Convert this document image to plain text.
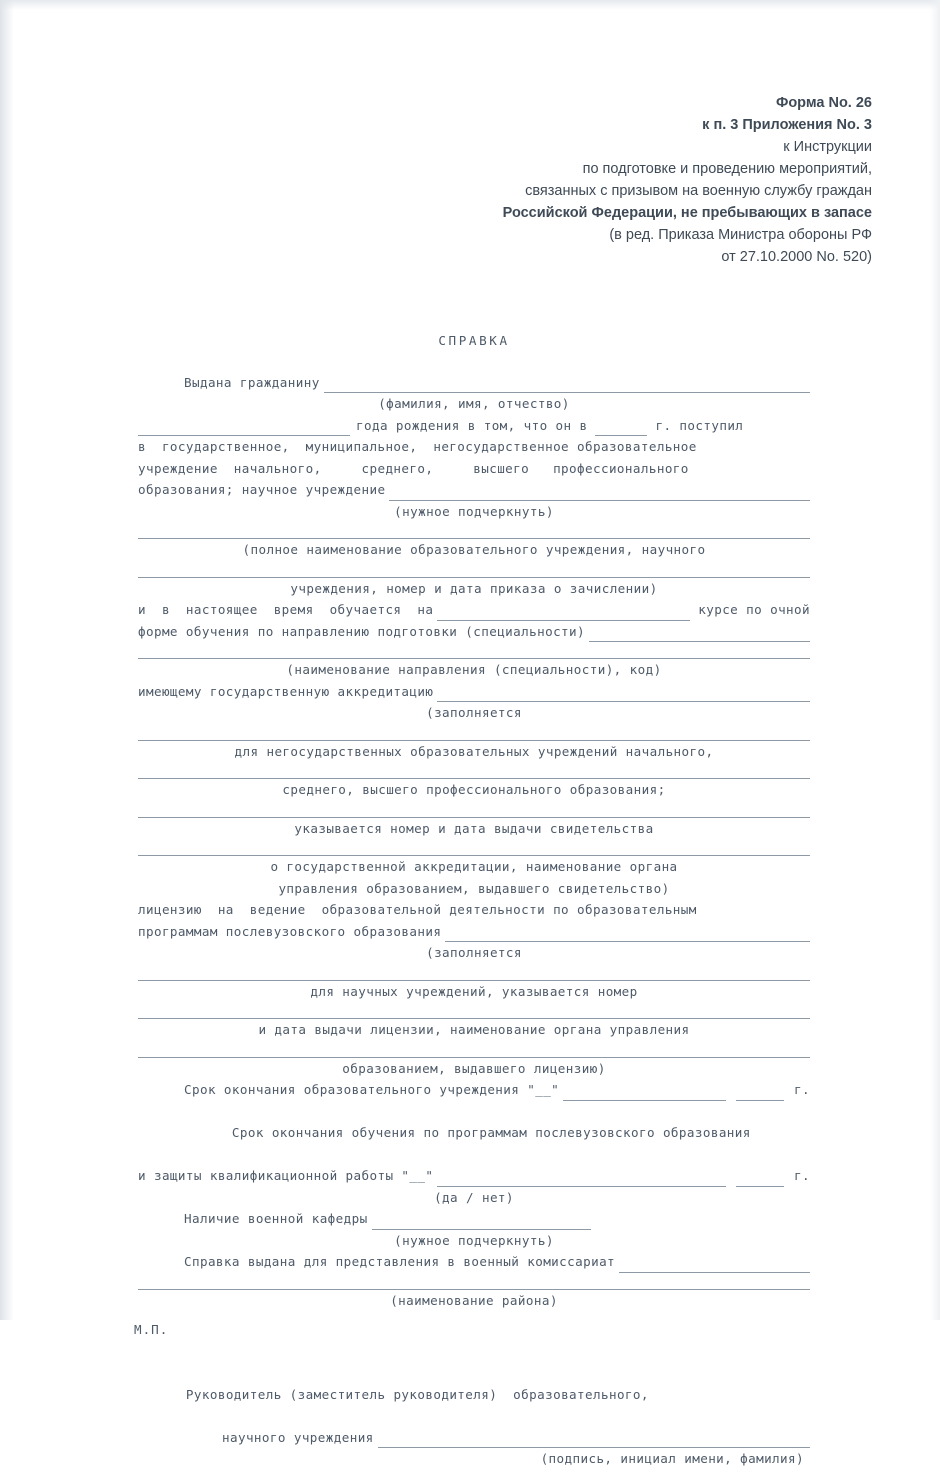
Форма No. 26
к п. 3 Приложения No. 3
к Инструкции
по подготовке и проведению мероприятий,
связанных с призывом на военную службу граждан
Российской Федерации, не пребывающих в запасе
(в ред. Приказа Министра обороны РФ
от 27.10.2000 No. 520)
СПРАВКА
Выдана гражданину
(фамилия, имя, отчество)
года рождения в том, что он в	г. поступил
в  государственное,  муниципальное,  негосударственное образовательное
учреждение  начального,     среднего,     высшего   профессионального
образования; научное учреждение
(нужное подчеркнуть)
(полное наименование образовательного учреждения, научного
учреждения, номер и дата приказа о зачислении)
и  в  настоящее  время  обучается  на	курсе по очной
форме обучения по направлению подготовки (специальности)
(наименование направления (специальности), код)
имеющему государственную аккредитацию
(заполняется
для негосударственных образовательных учреждений начального,
среднего, высшего профессионального образования;
указывается номер и дата выдачи свидетельства
о государственной аккредитации, наименование органа
управления образованием, выдавшего свидетельство)
лицензию  на  ведение  образовательной деятельности по образовательным
программам послевузовского образования
(заполняется
для научных учреждений, указывается номер
и дата выдачи лицензии, наименование органа управления
образованием, выдавшего лицензию)
Срок окончания образовательного учреждения "__"	г.

Срок окончания обучения по программам послевузовского образования

и защиты квалификационной работы "__"	г.
(да / нет)
Наличие военной кафедры
(нужное подчеркнуть)
Справка выдана для представления в военный комиссариат
(наименование района)

М.П.

Руководитель (заместитель руководителя)  образовательного,

научного учреждения
(подпись, инициал имени, фамилия)
